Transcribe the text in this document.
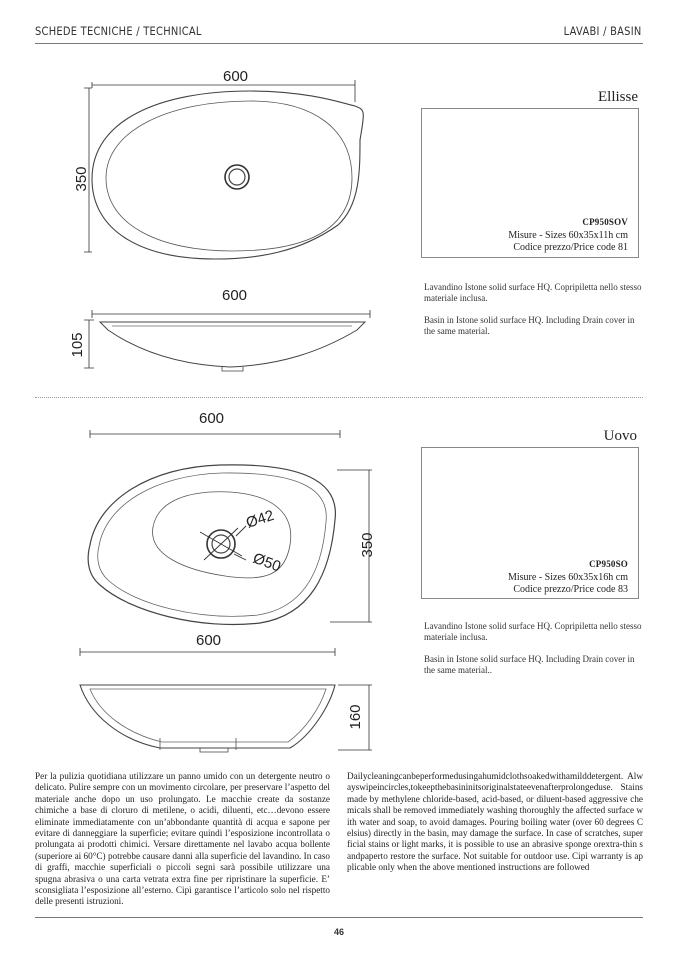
SCHEDE TECNICHE / TECHNICAL	LAVABI / BASIN
600
350
600
105
600
350
Ø42
Ø50
600
160
Ellisse
CP950SOV
Misure - Sizes 60x35x11h cm
Codice prezzo/Price code 81

Lavandino Istone solid surface HQ. Copripiletta nello stesso materiale inclusa.

Basin in Istone solid surface HQ. Including Drain cover in the same material.

Uovo
CP950SO
Misure - Sizes 60x35x16h cm
Codice prezzo/Price code 83

Lavandino Istone solid surface HQ. Copripiletta nello stesso materiale inclusa.

Basin in Istone solid surface HQ. Including Drain cover in the same material..

Per la pulizia quotidiana utilizzare un panno umido con un detergente neutro o delicato. Pulire sempre con un movimento circolare, per preservare l’aspetto del materiale anche dopo un uso prolungato. Le macchie create da sostanze chimiche a base di cloruro di metilene, o acidi, diluenti, etc…devono essere eliminate immediatamente con un’abbondante quantità di acqua e sapone per evitare di danneggiare la superficie; evitare quindi l’esposizione incontrollata o prolungata ai prodotti chimici. Versare direttamente nel lavabo acqua bollente (superiore ai 60°C) potrebbe causare danni alla superficie del lavandino. In caso di graffi, macchie superficiali o piccoli segni sarà possibile utilizzare una spugna abrasiva o una carta vetrata extra fine per ripristinare la superficie. E’ sconsigliata l’esposizione all’esterno. Cipì garantisce l’articolo solo nel rispetto delle presenti istruzioni.
Dailycleaningcanbeperformedusingahumidclothsoakedwithamilddetergent. Alwayswipeincircles,tokeepthebasininitsoriginalstateevenafterprolongeduse. Stains made by methylene chloride-based, acid-based, or diluent-based aggressive chemicals shall be removed immediately washing thoroughly the affected surface with water and soap, to avoid damages. Pouring boiling water (over 60 degrees Celsius) directly in the basin, may damage the surface. In case of scratches, superficial stains or light marks, it is possible to use an abrasive sponge orextra-thin sandpaperto restore the surface. Not suitable for outdoor use. Cipì warranty is applicable only when the above mentioned instructions are followed
46
